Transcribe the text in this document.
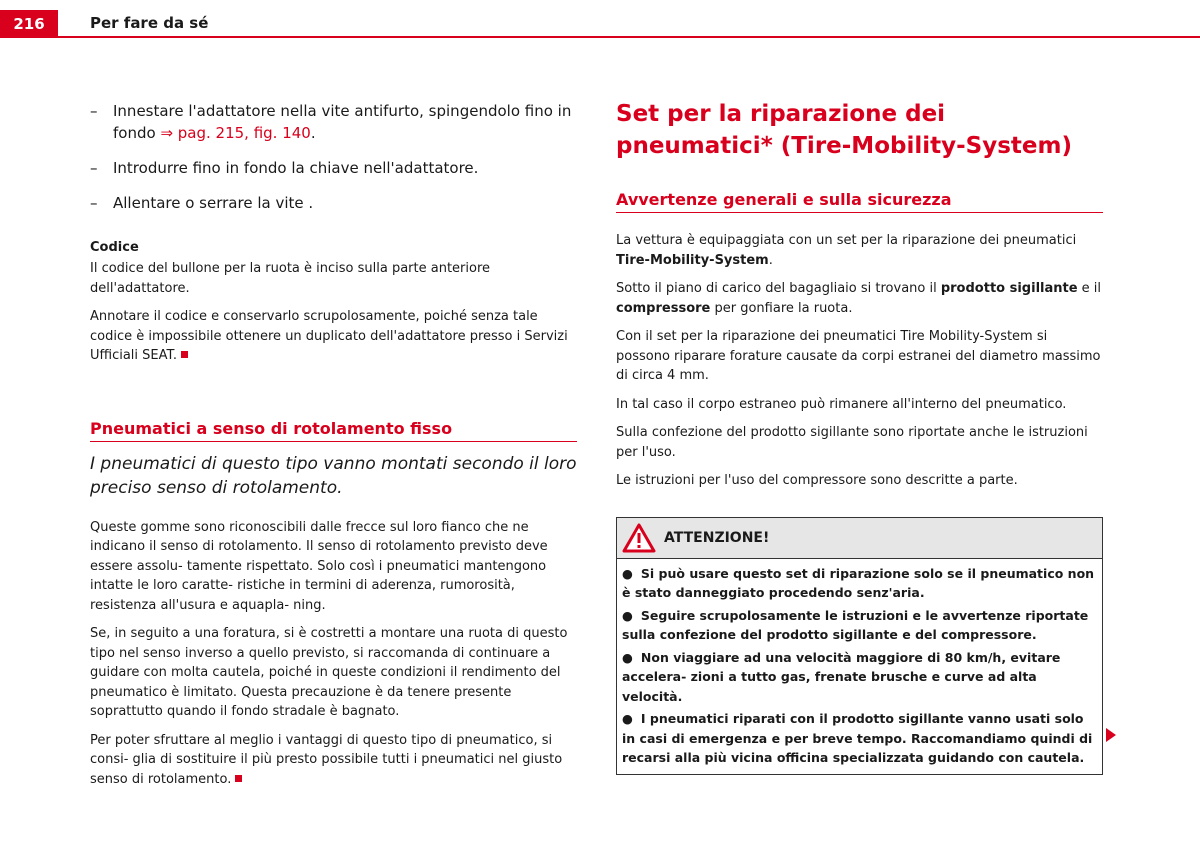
216	Per fare da sé
–	Innestare l'adattatore nella vite antifurto, spingendolo fino in fondo ⇒ pag. 215, fig. 140.
–	Introdurre fino in fondo la chiave nell'adattatore.
–	Allentare o serrare la vite .
Codice

Il codice del bullone per la ruota è inciso sulla parte anteriore dell'adattatore.

Annotare il codice e conservarlo scrupolosamente, poiché senza tale codice è impossibile ottenere un duplicato dell'adattatore presso i Servizi Ufficiali SEAT.

Pneumatici a senso di rotolamento fisso
I pneumatici di questo tipo vanno montati secondo il loro preciso senso di rotolamento.

Queste gomme sono riconoscibili dalle frecce sul loro fianco che ne indicano il senso di rotolamento. Il senso di rotolamento previsto deve essere assolu- tamente rispettato. Solo così i pneumatici mantengono intatte le loro caratte- ristiche in termini di aderenza, rumorosità, resistenza all'usura e aquapla- ning.

Se, in seguito a una foratura, si è costretti a montare una ruota di questo tipo nel senso inverso a quello previsto, si raccomanda di continuare a guidare con molta cautela, poiché in queste condizioni il rendimento del pneumatico è limitato. Questa precauzione è da tenere presente soprattutto quando il fondo stradale è bagnato.

Per poter sfruttare al meglio i vantaggi di questo tipo di pneumatico, si consi- glia di sostituire il più presto possibile tutti i pneumatici nel giusto senso di rotolamento.

Set per la riparazione dei pneumatici* (Tire-Mobility-System)
Avvertenze generali e sulla sicurezza

La vettura è equipaggiata con un set per la riparazione dei pneumatici Tire-Mobility-System.

Sotto il piano di carico del bagagliaio si trovano il prodotto sigillante e il compressore per gonfiare la ruota.

Con il set per la riparazione dei pneumatici Tire Mobility-System si possono riparare forature causate da corpi estranei del diametro massimo di circa 4 mm.

In tal caso il corpo estraneo può rimanere all'interno del pneumatico.

Sulla confezione del prodotto sigillante sono riportate anche le istruzioni per l'uso.

Le istruzioni per l'uso del compressore sono descritte a parte.

ATTENZIONE!
● Si può usare questo set di riparazione solo se il pneumatico non è stato danneggiato procedendo senz'aria.
● Seguire scrupolosamente le istruzioni e le avvertenze riportate sulla confezione del prodotto sigillante e del compressore.
● Non viaggiare ad una velocità maggiore di 80 km/h, evitare accelera- zioni a tutto gas, frenate brusche e curve ad alta velocità.
● I pneumatici riparati con il prodotto sigillante vanno usati solo in casi di emergenza e per breve tempo. Raccomandiamo quindi di recarsi alla più vicina officina specializzata guidando con cautela.
